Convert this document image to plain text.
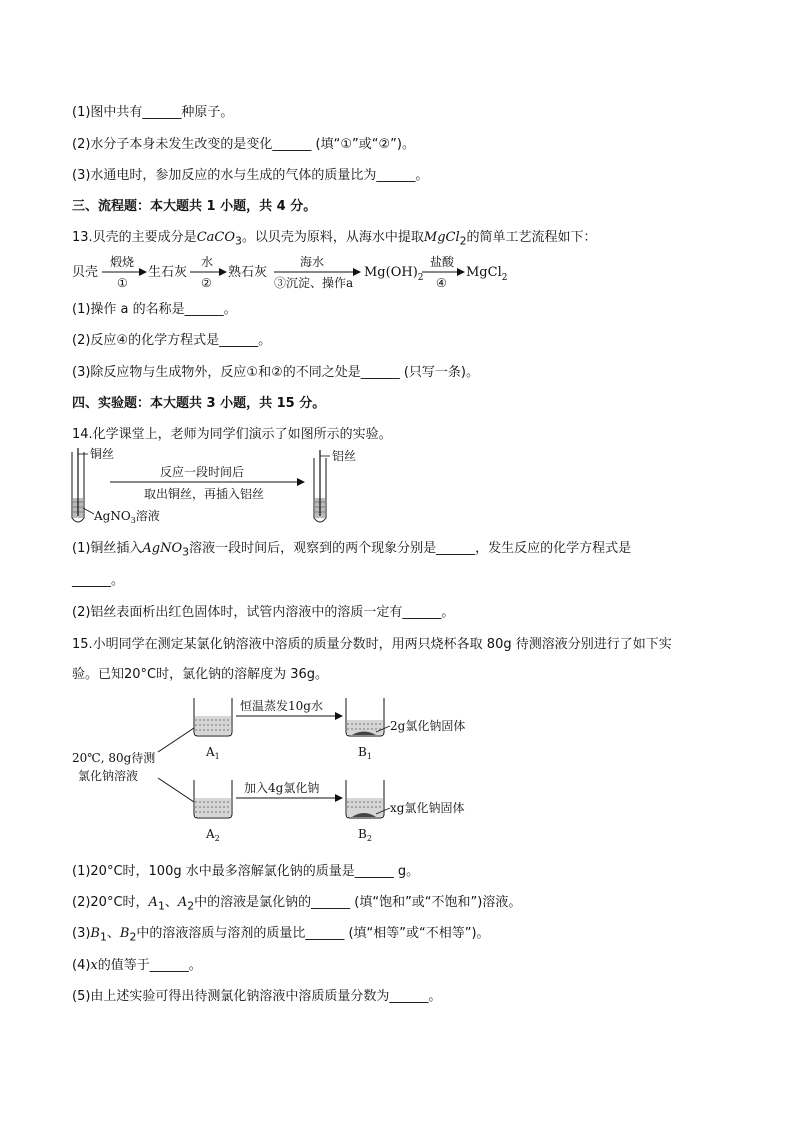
(1)图中共有______种原子。
(2)水分子本身未发生改变的是变化______ (填“①”或“②”)。
(3)水通电时，参加反应的水与生成的气体的质量比为______。
三、流程题：本大题共 1 小题，共 4 分。
13.贝壳的主要成分是CaCO$_3$。以贝壳为原料，从海水中提取MgCl$_2$的简单工艺流程如下：
贝壳
煅烧
①
生石灰
水
②
熟石灰
海水
③沉淀、操作a
$Mg(OH)_2$
盐酸
④
MgCl$_2$
(1)操作 a 的名称是______。
(2)反应④的化学方程式是______。
(3)除反应物与生成物外，反应①和②的不同之处是______ (只写一条)。
四、实验题：本大题共 3 小题，共 15 分。
14.化学课堂上，老师为同学们演示了如图所示的实验。
铜丝
AgNO$_3$溶液
反应一段时间后
取出铜丝，再插入铝丝
铝丝
(1)铜丝插入AgNO$_3$溶液一段时间后，观察到的两个现象分别是______，发生反应的化学方程式是
______。
(2)铝丝表面析出红色固体时，试管内溶液中的溶质一定有______。
15.小明同学在测定某氯化钠溶液中溶质的质量分数时，用两只烧杯各取 80g 待测溶液分别进行了如下实
验。已知20°C时，氯化钠的溶解度为 36g。
20℃, 80g待测
氯化钠溶液
$A_1$
恒温蒸发10g水
2g氯化钠固体
$B_1$
$A_2$
加入4g氯化钠
xg氯化钠固体
$B_2$
(1)20°C时，100g 水中最多溶解氯化钠的质量是______ g。
(2)20°C时，$A_1$、$A_2$中的溶液是氯化钠的______ (填“饱和”或“不饱和”)溶液。
$(3)B_1$、$B_2$中的溶液溶质与溶剂的质量比______ (填“相等”或“不相等”)。
(4)x的值等于______。
(5)由上述实验可得出待测氯化钠溶液中溶质质量分数为______。
